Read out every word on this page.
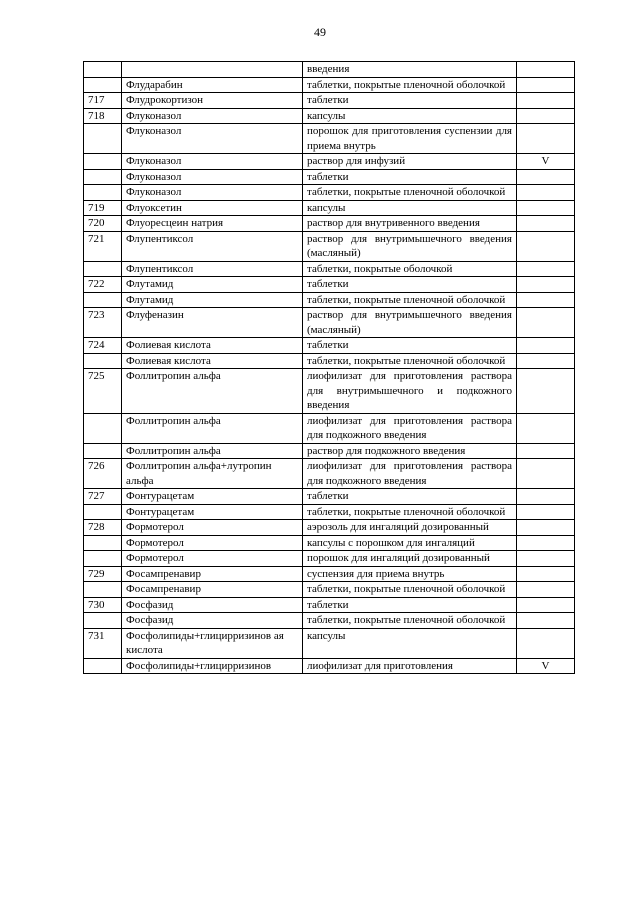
49
		введения	
	Флударабин	таблетки, покрытые пленочной оболочкой	
717	Флудрокортизон	таблетки	
718	Флуконазол	капсулы	
	Флуконазол	порошок для приготовления суспензии для приема внутрь	
	Флуконазол	раствор для инфузий	V
	Флуконазол	таблетки	
	Флуконазол	таблетки, покрытые пленочной оболочкой	
719	Флуоксетин	капсулы	
720	Флуоресцеин натрия	раствор для внутривенного введения	
721	Флупентиксол	раствор для внутримышечного введения (масляный)	
	Флупентиксол	таблетки, покрытые оболочкой	
722	Флутамид	таблетки	
	Флутамид	таблетки, покрытые пленочной оболочкой	
723	Флуфеназин	раствор для внутримышечного введения (масляный)	
724	Фолиевая кислота	таблетки	
	Фолиевая кислота	таблетки, покрытые пленочной оболочкой	
725	Фоллитропин альфа	лиофилизат для приготовления раствора для внутримышечного и подкожного введения	
	Фоллитропин альфа	лиофилизат для приготовления раствора для подкожного введения	
	Фоллитропин альфа	раствор для подкожного введения	
726	Фоллитропин альфа+лутропин альфа	лиофилизат для приготовления раствора для подкожного введения	
727	Фонтурацетам	таблетки	
	Фонтурацетам	таблетки, покрытые пленочной оболочкой	
728	Формотерол	аэрозоль для ингаляций дозированный	
	Формотерол	капсулы с порошком для ингаляций	
	Формотерол	порошок для ингаляций дозированный	
729	Фосампренавир	суспензия для приема внутрь	
	Фосампренавир	таблетки, покрытые пленочной оболочкой	
730	Фосфазид	таблетки	
	Фосфазид	таблетки, покрытые пленочной оболочкой	
731	Фосфолипиды+глицирризинов ая кислота	капсулы	
	Фосфолипиды+глицирризинов	лиофилизат для приготовления	V
